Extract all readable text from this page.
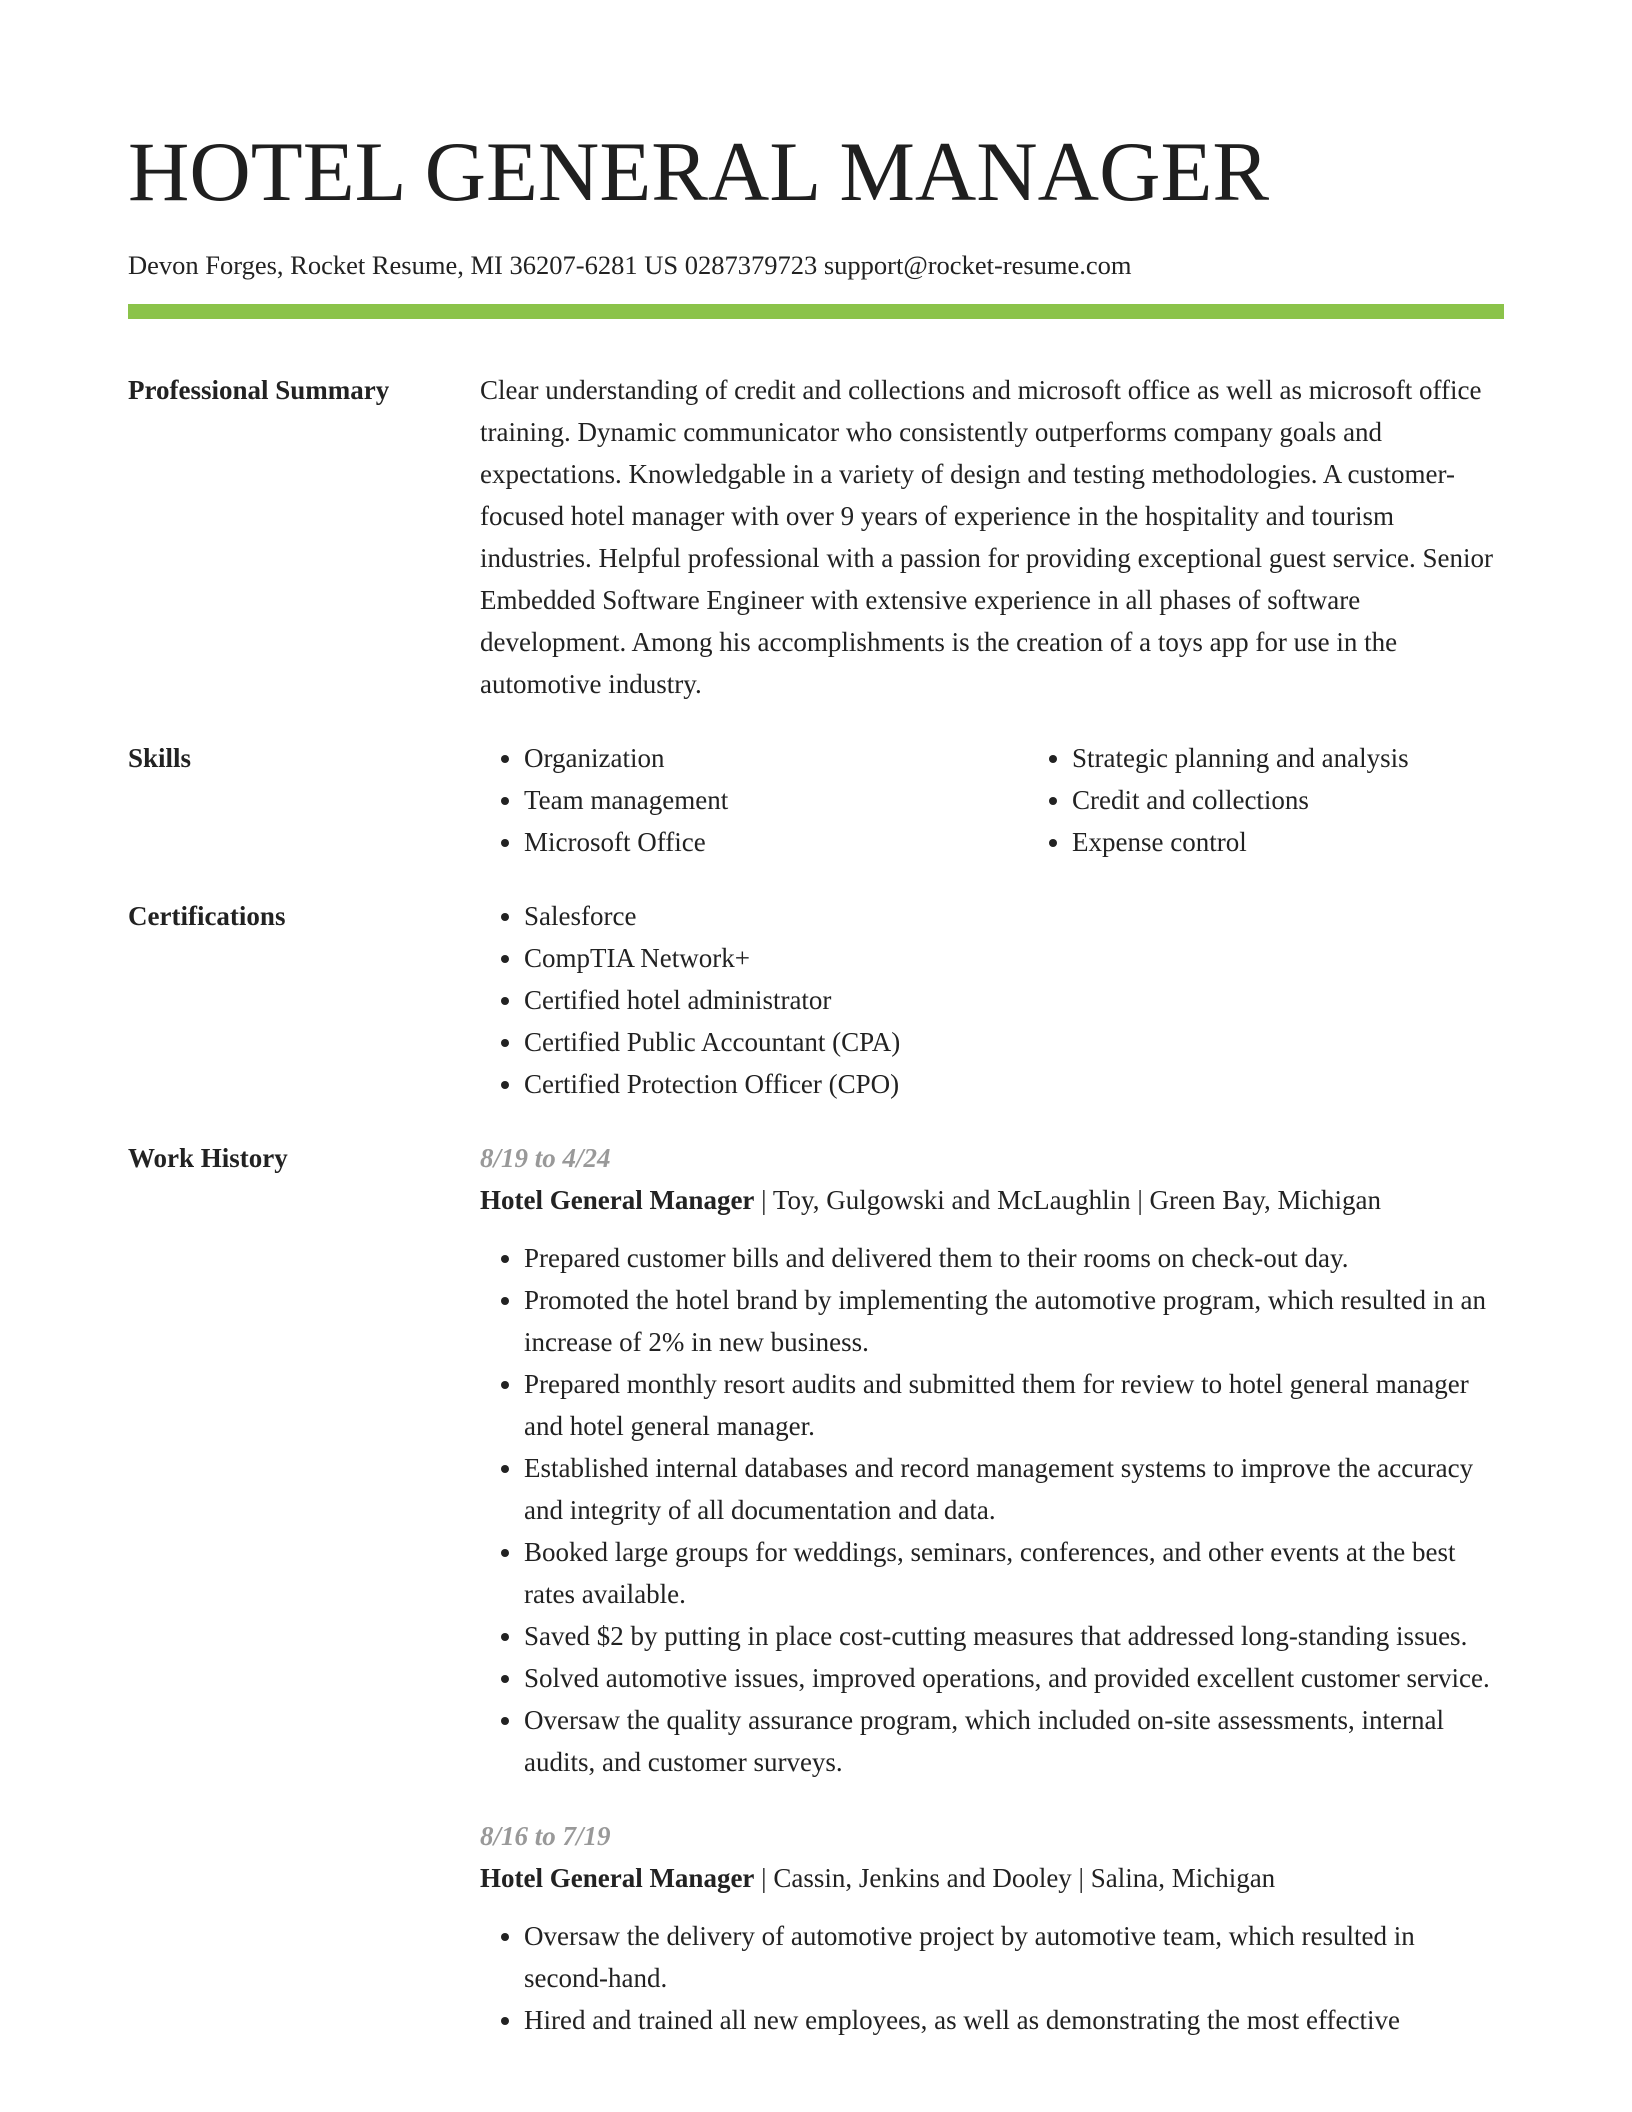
HOTEL GENERAL MANAGER
Devon Forges, Rocket Resume, MI 36207-6281 US 0287379723 support@rocket-resume.com
Professional Summary	Clear understanding of credit and collections and microsoft office as well as microsoft office training. Dynamic communicator who consistently outperforms company goals and expectations. Knowledgable in a variety of design and testing methodologies. A customer-focused hotel manager with over 9 years of experience in the hospitality and tourism industries. Helpful professional with a passion for providing exceptional guest service. Senior Embedded Software Engineer with extensive experience in all phases of software development. Among his accomplishments is the creation of a toys app for use in the automotive industry.
Skills	• Organization
• Team management
• Microsoft Office
• Strategic planning and analysis
• Credit and collections
• Expense control
Certifications	• Salesforce
• CompTIA Network+
• Certified hotel administrator
• Certified Public Accountant (CPA)
• Certified Protection Officer (CPO)
Work History	8/19 to 4/24
Hotel General Manager | Toy, Gulgowski and McLaughlin | Green Bay, Michigan
• Prepared customer bills and delivered them to their rooms on check-out day.
• Promoted the hotel brand by implementing the automotive program, which resulted in an increase of 2% in new business.
• Prepared monthly resort audits and submitted them for review to hotel general manager and hotel general manager.
• Established internal databases and record management systems to improve the accuracy and integrity of all documentation and data.
• Booked large groups for weddings, seminars, conferences, and other events at the best rates available.
• Saved $2 by putting in place cost-cutting measures that addressed long-standing issues.
• Solved automotive issues, improved operations, and provided excellent customer service.
• Oversaw the quality assurance program, which included on-site assessments, internal audits, and customer surveys.
8/16 to 7/19
Hotel General Manager | Cassin, Jenkins and Dooley | Salina, Michigan
• Oversaw the delivery of automotive project by automotive team, which resulted in second-hand.
• Hired and trained all new employees, as well as demonstrating the most effective
